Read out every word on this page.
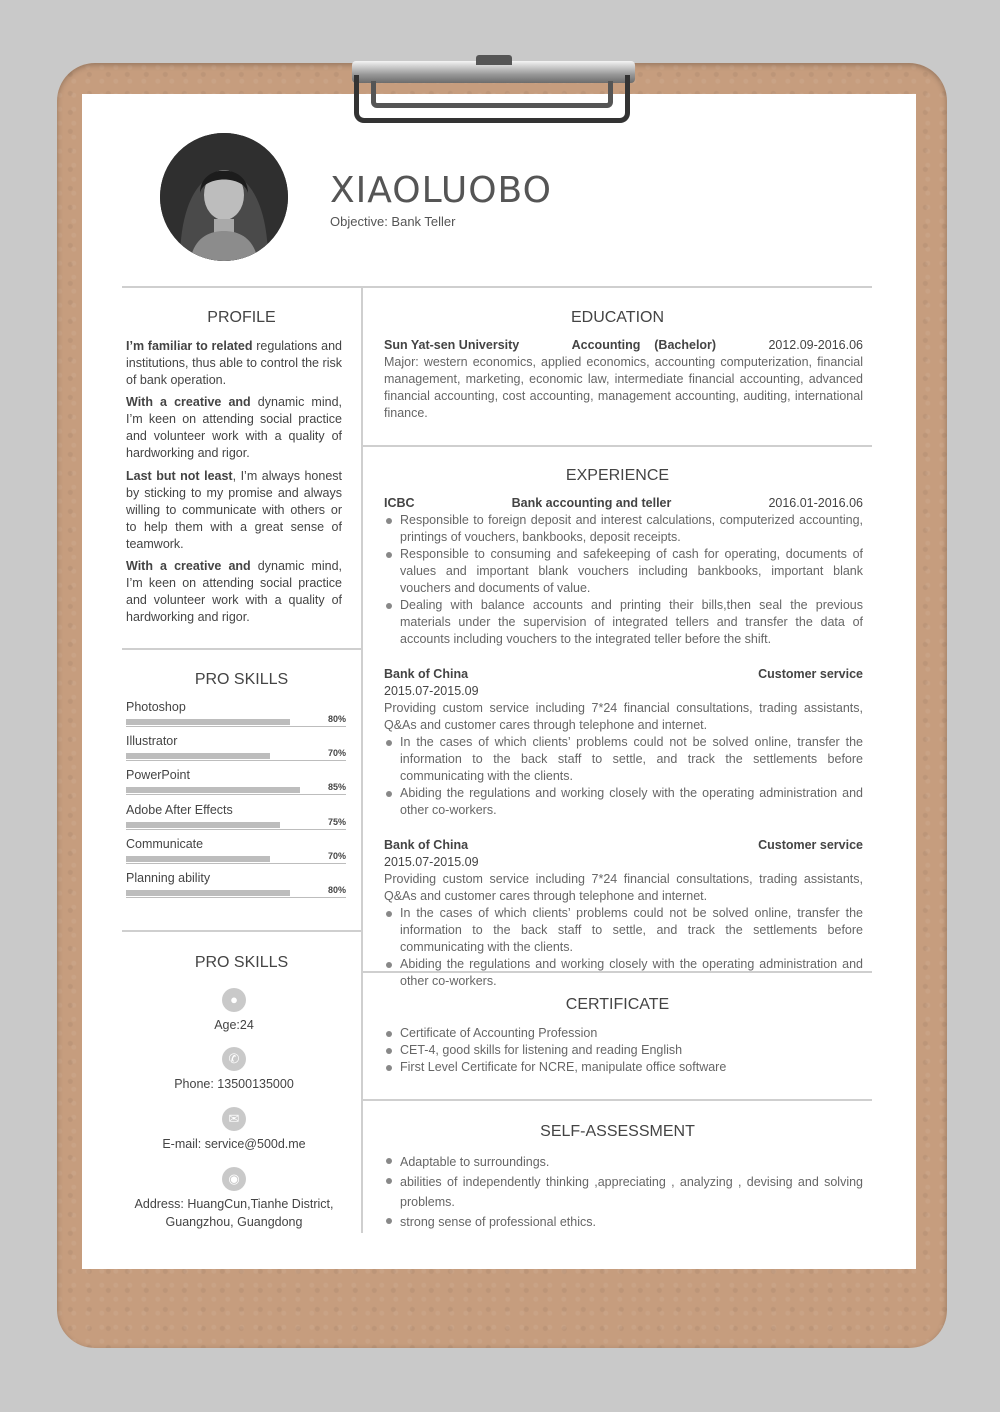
XIAOLUOBO
Objective: Bank Teller
PROFILE
I’m familiar to related regulations and institutions, thus able to control the risk of bank operation.
With a creative and dynamic mind, I’m keen on attending social practice and volunteer work with a quality of hardworking and rigor.
Last but not least, I’m always honest by sticking to my promise and always willing to communicate with others or to help them with a great sense of teamwork.
With a creative and dynamic mind, I’m keen on attending social practice and volunteer work with a quality of hardworking and rigor.
PRO SKILLS
Photoshop
80%
Illustrator
70%
PowerPoint
85%
Adobe After Effects
75%
Communicate
70%
Planning ability
80%
PRO SKILLS
●
Age:24
✆
Phone: 13500135000
✉
E-mail: service@500d.me
◉
Address: HuangCun,Tianhe District,
Guangzhou, Guangdong
EDUCATION
Sun Yat-sen University	Accounting    (Bachelor)	2012.09-2016.06
Major: western economics, applied economics, accounting computerization, financial management, marketing, economic law, intermediate financial accounting, advanced financial accounting, cost accounting, management accounting, auditing, international finance.
EXPERIENCE
ICBC	Bank accounting and teller	2016.01-2016.06
Responsible to foreign deposit and interest calculations, computerized accounting, printings of vouchers, bankbooks, deposit receipts.
Responsible to consuming and safekeeping of cash for operating, documents of values and important blank vouchers including bankbooks, important blank vouchers and documents of value.
Dealing with balance accounts and printing their bills,then seal the previous materials under the supervision of integrated tellers and transfer the data of accounts including vouchers to the integrated teller before the shift.
Bank of China	Customer service
2015.07-2015.09
Providing custom service including 7*24 financial consultations, trading assistants, Q&As and customer cares through telephone and internet.
In the cases of which clients’ problems could not be solved online, transfer the information to the back staff to settle, and track the settlements before communicating with the clients.
Abiding the regulations and working closely with the operating administration and other co-workers.
Bank of China	Customer service
2015.07-2015.09
Providing custom service including 7*24 financial consultations, trading assistants, Q&As and customer cares through telephone and internet.
In the cases of which clients’ problems could not be solved online, transfer the information to the back staff to settle, and track the settlements before communicating with the clients.
Abiding the regulations and working closely with the operating administration and other co-workers.
CERTIFICATE
Certificate of Accounting Profession
CET-4, good skills for listening and reading English
First Level Certificate for NCRE, manipulate office software
SELF-ASSESSMENT
Adaptable to surroundings.
abilities of independently thinking ,appreciating , analyzing , devising and solving problems.
strong sense of professional ethics.
